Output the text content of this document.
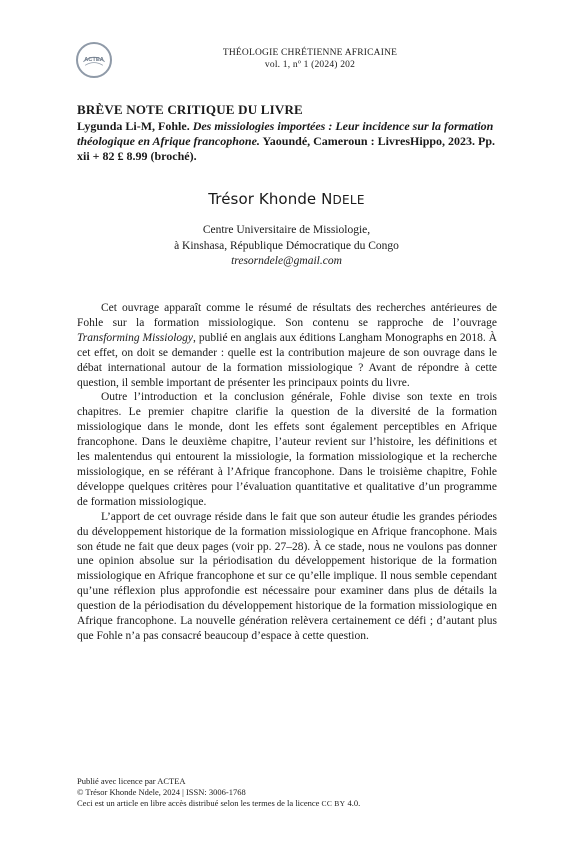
ACTEA
THÉOLOGIE CHRÉTIENNE AFRICAINE
vol. 1, nº 1 (2024) 202
BRÈVE NOTE CRITIQUE DU LIVRE
Lygunda Li-M, Fohle. Des missiologies importées : Leur incidence sur la formation théologique en Afrique francophone. Yaoundé, Cameroun : LivresHippo, 2023. Pp. xii + 82 £ 8.99 (broché).
Trésor Khonde NDELE
Centre Universitaire de Missiologie,
à Kinshasa, République Démocratique du Congo
tresorndele@gmail.com

Cet ouvrage apparaît comme le résumé de résultats des recherches antérieures de Fohle sur la formation missiologique. Son contenu se rapproche de l’ouvrage Transforming Missiology, publié en anglais aux éditions Langham Monographs en 2018. À cet effet, on doit se demander : quelle est la contribution majeure de son ouvrage dans le débat international autour de la formation missiologique ? Avant de répondre à cette question, il semble important de présenter les principaux points du livre.

Outre l’introduction et la conclusion générale, Fohle divise son texte en trois chapitres. Le premier chapitre clarifie la question de la diversité de la formation missiologique dans le monde, dont les effets sont également perceptibles en Afrique francophone. Dans le deuxième chapitre, l’auteur revient sur l’histoire, les définitions et les malentendus qui entourent la missiologie, la formation missiologique et la recherche missiologique, en se référant à l’Afrique francophone. Dans le troisième chapitre, Fohle développe quelques critères pour l’évaluation quantitative et qualitative d’un programme de formation missiologique.

L’apport de cet ouvrage réside dans le fait que son auteur étudie les grandes périodes du développement historique de la formation missiologique en Afrique francophone. Mais son étude ne fait que deux pages (voir pp. 27–28). À ce stade, nous ne voulons pas donner une opinion absolue sur la périodisation du développement historique de la formation missiologique en Afrique francophone et sur ce qu’elle implique. Il nous semble cependant qu’une réflexion plus approfondie est nécessaire pour examiner dans plus de détails la question de la périodisation du développement historique de la formation missiologique en Afrique francophone. La nouvelle génération relèvera certainement ce défi ; d’autant plus que Fohle n’a pas consacré beaucoup d’espace à cette question.

Publié avec licence par ACTEA
© Trésor Khonde Ndele, 2024 | ISSN: 3006-1768
Ceci est un article en libre accès distribué selon les termes de la licence CC BY 4.0.
